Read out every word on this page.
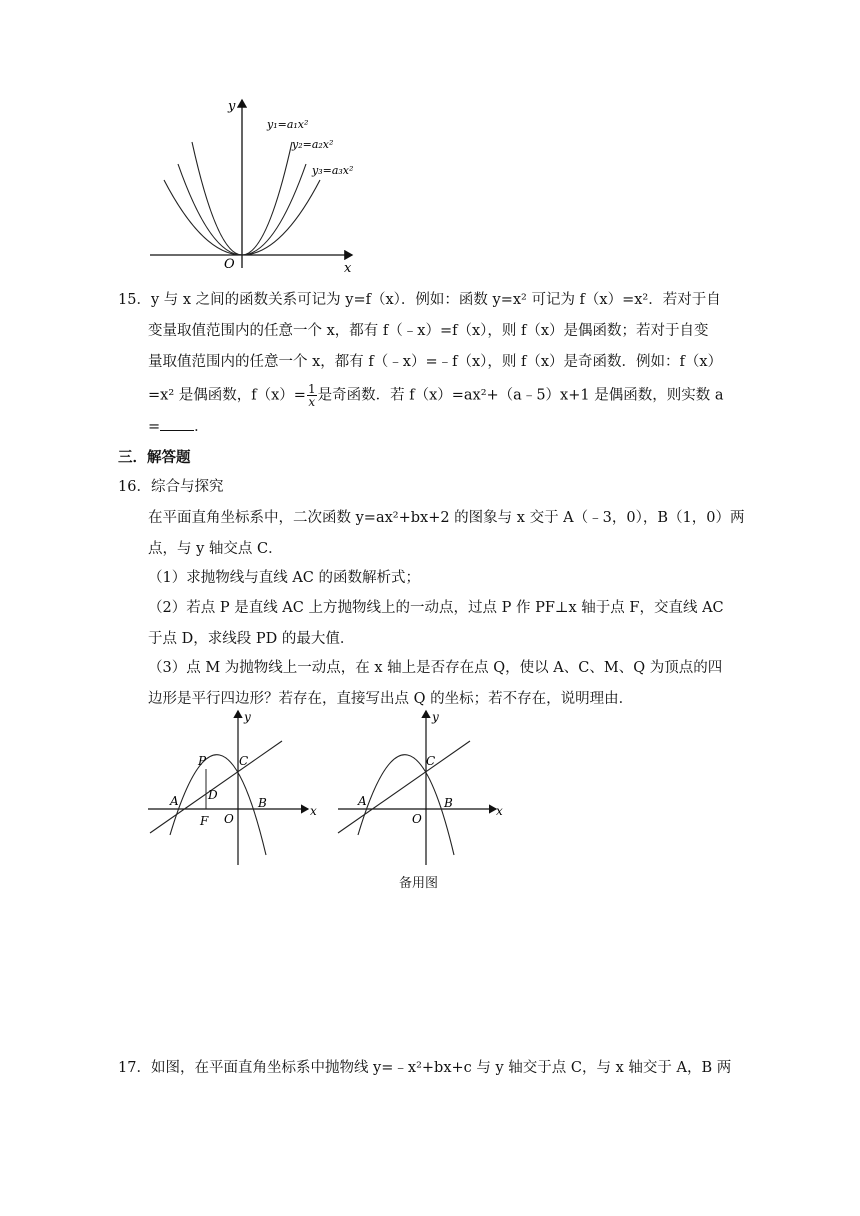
O	x
y
y₁=a₁x²
y₂=a₂x²
y₃=a₃x²
15．y 与 x 之间的函数关系可记为 y=f（x）．例如：函数 y=x² 可记为 f（x）=x²．若对于自
变量取值范围内的任意一个 x，都有 f（﹣x）=f（x），则 f（x）是偶函数；若对于自变
量取值范围内的任意一个 x，都有 f（﹣x）=﹣f（x），则 f（x）是奇函数．例如：f（x）
=x² 是偶函数，$f(x)= \frac{1}{x}$ 是奇函数．若 f（x）=ax²+（a﹣5）x+1 是偶函数，则实数 a
= ．
三．解答题
16．综合与探究
在平面直角坐标系中，二次函数 y=ax²+bx+2 的图象与 x 交于 A（﹣3，0），B（1，0）两
点，与 y 轴交点 C．
（1）求抛物线与直线 AC 的函数解析式；
（2）若点 P 是直线 AC 上方抛物线上的一动点，过点 P 作 PF⊥x 轴于点 F，交直线 AC
于点 D，求线段 PD 的最大值．
（3）点 M 为抛物线上一动点，在 x 轴上是否存在点 Q，使以 A、C、M、Q 为顶点的四
边形是平行四边形？若存在，直接写出点 Q 的坐标；若不存在，说明理由．
A	B
C
O
P
D
F
y
x
A	B
C
O
y
x
备用图
17．如图，在平面直角坐标系中抛物线 y=﹣x²+bx+c 与 y 轴交于点 C，与 x 轴交于 A，B 两
